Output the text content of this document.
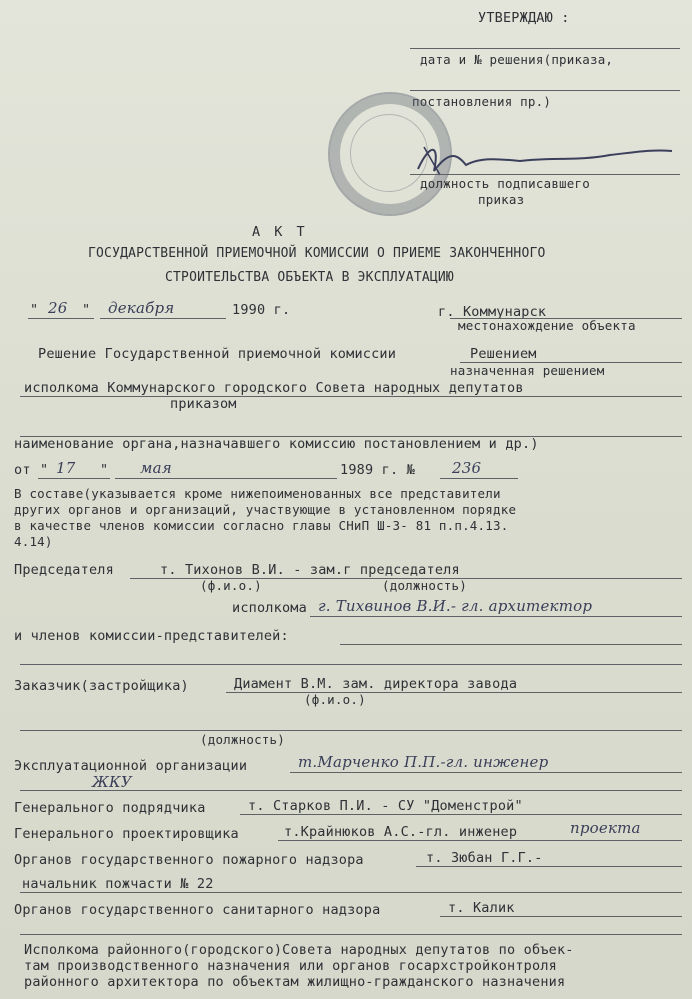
УТВЕРЖДАЮ :
дата и № решения(приказа,
постановления пр.)
должность подписавшего
приказ
А К Т
ГОСУДАРСТВЕННОЙ ПРИЕМОЧНОЙ КОМИССИИ О ПРИЕМЕ ЗАКОНЧЕННОГО
СТРОИТЕЛЬСТВА ОБЪЕКТА В ЭКСПЛУАТАЦИЮ
" 26 " декабря	1990 г.	г. Коммунарск
местонахождение объекта
Решение Государственной приемочной комиссии	Решением
назначенная решением
исполкома Коммунарского городского Совета народных депутатов
приказом
наименование органа,назначавшего комиссию постановлением и др.)
от " 17 " мая	1989 г. № 236
В составе(указывается кроме нижепоименованных все представители
других органов и организаций, участвующие в установленном порядке
в качестве членов комиссии согласно главы СНиП Ш-3- 81 п.п.4.13.
4.14)
Председателя	т. Тихонов В.И. - зам.г председателя
(ф.и.о.)	(должность)
исполкома г. Тихвинов В.И.- гл. архитектор
и членов комиссии-представителей:
Заказчик(застройщика)	Диамент В.М. зам. директора завода
(ф.и.о.)
(должность)
Эксплуатационной организации	т.Марченко П.П.-гл. инженер
ЖКУ
Генерального подрядчика	т. Старков П.И. - СУ "Доменстрой"
Генерального проектировщика	т.Крайнюков А.С.-гл. инженер	проекта
Органов государственного пожарного надзора	т. Зюбан Г.Г.-
начальник пожчасти № 22
Органов государственного санитарного надзора	т. Калик
Исполкома районного(городского)Совета народных депутатов по объек-
там производственного назначения или органов госархстройконтроля
районного архитектора по объектам жилищно-гражданского назначения
